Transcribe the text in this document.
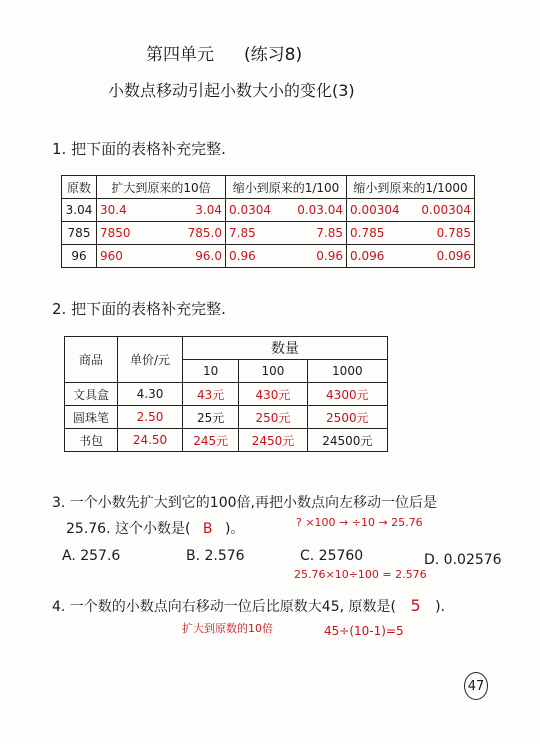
第四单元 (练习8)
小数点移动引起小数大小的变化(3)
1. 把下面的表格补充完整.
原数	扩大到原来的10倍	缩小到原来的1/100	缩小到原来的1/1000
3.04	30.4 3.04	0.0304 0.03.04	0.00304 0.00304

785	7850 785.0	7.85 7.85	0.785 0.785

96	960 96.0	0.96 0.96	0.096 0.096
2. 把下面的表格补充完整.
商品	单价/元	数量		
		10	100	1000
文具盒	4.30	43元	430元	4300元
圆珠笔	2.50	25元	250元	2500元
书包	24.50	245元	2450元	24500元
3. 一个小数先扩大到它的100倍,再把小数点向左移动一位后是
25.76. 这个小数是( B )。	? ×100 → ÷10 → 25.76
A. 257.6	B. 2.576	C. 25760	D. 0.02576
25.76×10÷100 = 2.576
4. 一个数的小数点向右移动一位后比原数大45, 原数是( 5 ).
扩大到原数的10倍	45÷(10-1)=5
47
